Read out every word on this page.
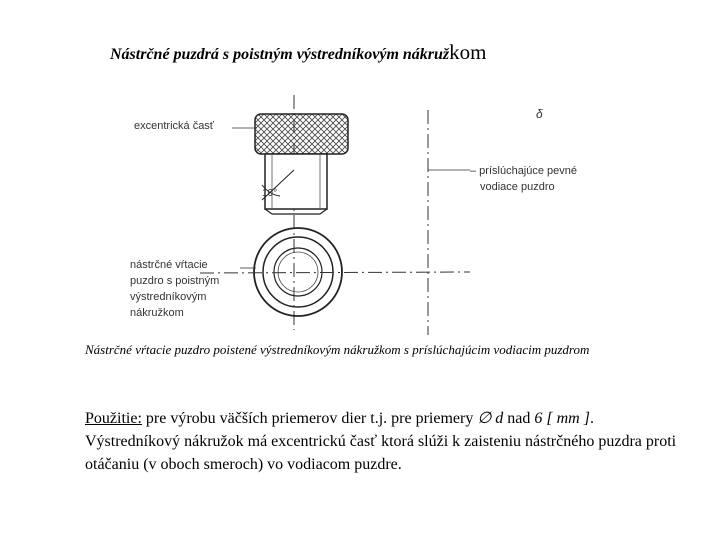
Nástrčné puzdrá s poistným výstredníkovým nákružkom
excentrická časť
10°
δ
– príslúchajúce pevné
vodiace puzdro
nástrčné vŕtacie
puzdro s poistným
výstredníkovým
nákružkom
Nástrčné vŕtacie puzdro poistené výstredníkovým nákružkom s príslúchajúcim vodiacim puzdrom
Použitie: pre výrobu väčších priemerov dier t.j. pre priemery ∅ d nad 6 [ mm ]. Výstredníkový nákružok má excentrickú časť ktorá slúži k zaisteniu nástrčného puzdra proti otáčaniu (v oboch smeroch) vo vodiacom puzdre.
